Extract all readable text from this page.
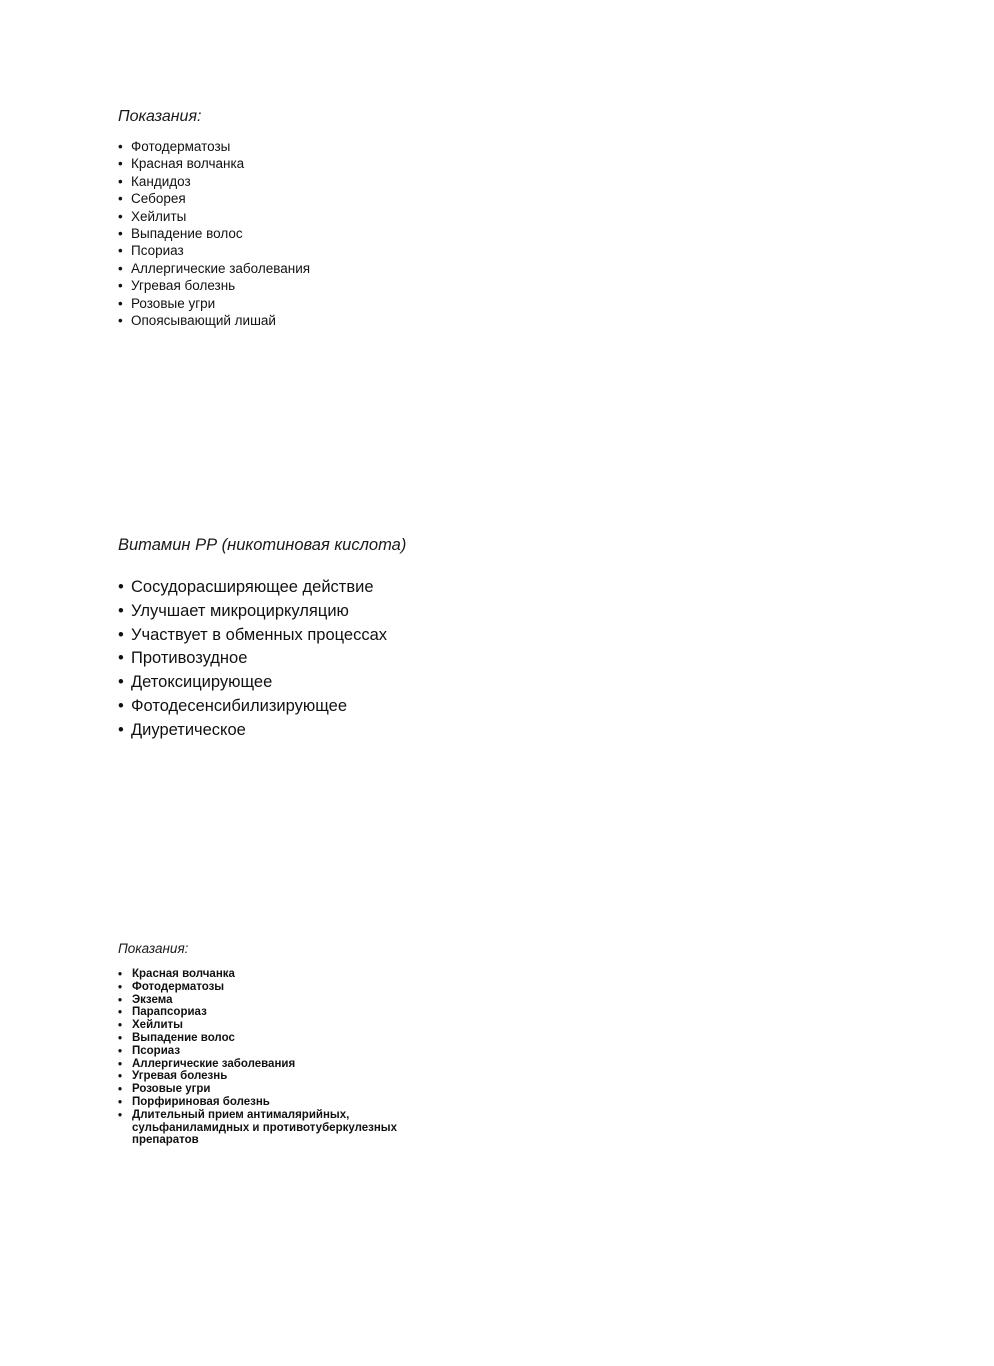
Показания:

• Фотодерматозы
• Красная волчанка
• Кандидоз
• Себорея
• Хейлиты
• Выпадение волос
• Псориаз
• Аллергические заболевания
• Угревая болезнь
• Розовые угри
• Опоясывающий лишай

Витамин РР (никотиновая кислота)

• Сосудорасширяющее действие
• Улучшает микроциркуляцию
• Участвует в обменных процессах
• Противозудное
• Детоксицирующее
• Фотодесенсибилизирующее
• Диуретическое

Показания:

• Красная волчанка
• Фотодерматозы
• Экзема
• Парапсориаз
• Хейлиты
• Выпадение волос
• Псориаз
• Аллергические заболевания
• Угревая болезнь
• Розовые угри
• Порфириновая болезнь
• Длительный прием антималярийных, сульфаниламидных и противотуберкулезных препаратов
